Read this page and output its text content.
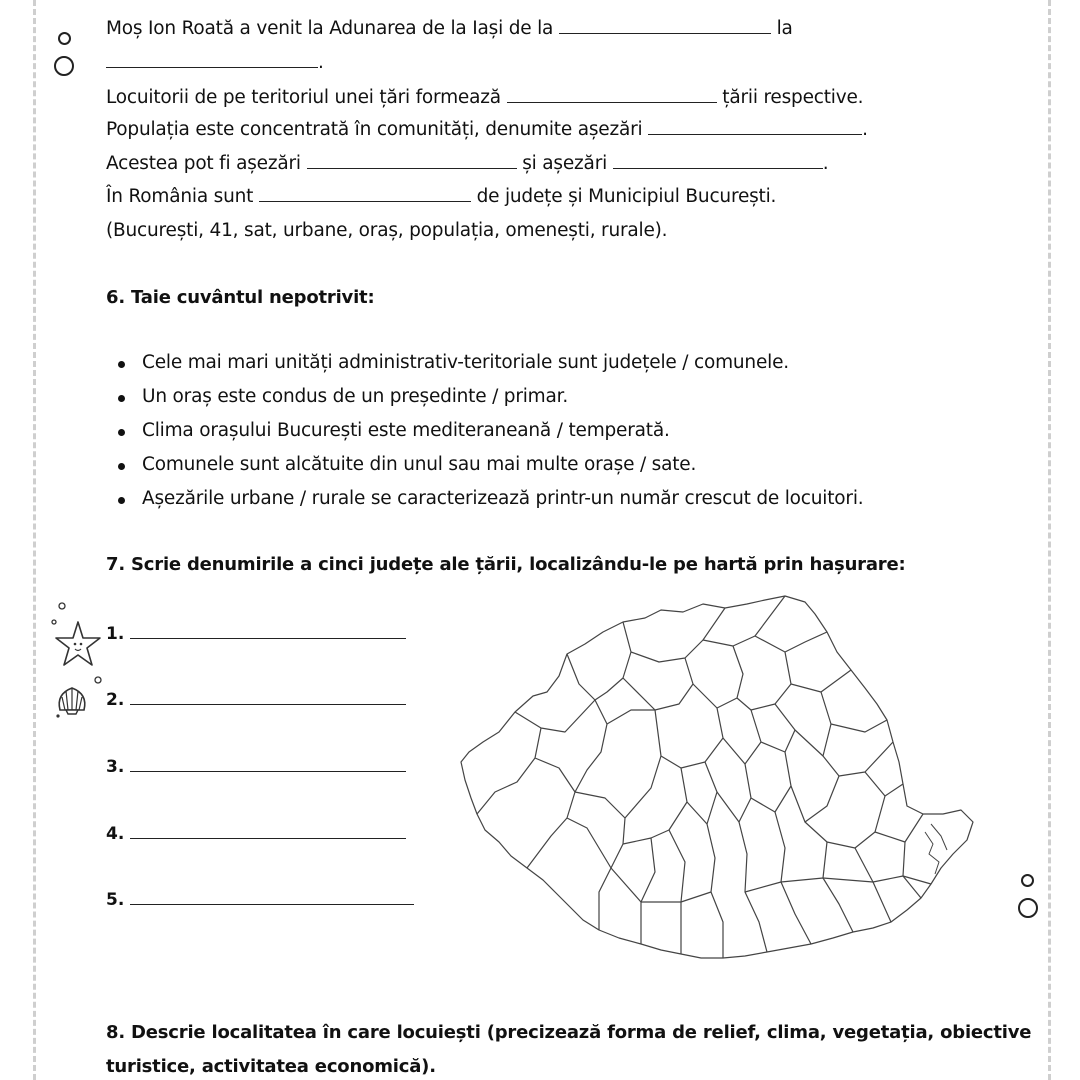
Moș Ion Roată a venit la Adunarea de la Iași de la	la
.
Locuitorii de pe teritoriul unei țări formează	țării respective.
Populația este concentrată în comunități, denumite așezări	.
Acestea pot fi așezări	și așezări	.
În România sunt	de județe și Municipiul București.
(București, 41, sat, urbane, oraș, populația, omenești, rurale).
6. Taie cuvântul nepotrivit:
Cele mai mari unități administrativ-teritoriale sunt județele / comunele.
Un oraș este condus de un președinte / primar.
Clima orașului București este mediteraneană / temperată.
Comunele sunt alcătuite din unul sau mai multe orașe / sate.
Așezările urbane / rurale se caracterizează printr-un număr crescut de locuitori.
7. Scrie denumirile a cinci județe ale țării, localizându-le pe hartă prin hașurare:
1.
2.
3.
4.
5.
8. Descrie localitatea în care locuiești (precizează forma de relief, clima, vegetația, obiective
turistice, activitatea economică).
